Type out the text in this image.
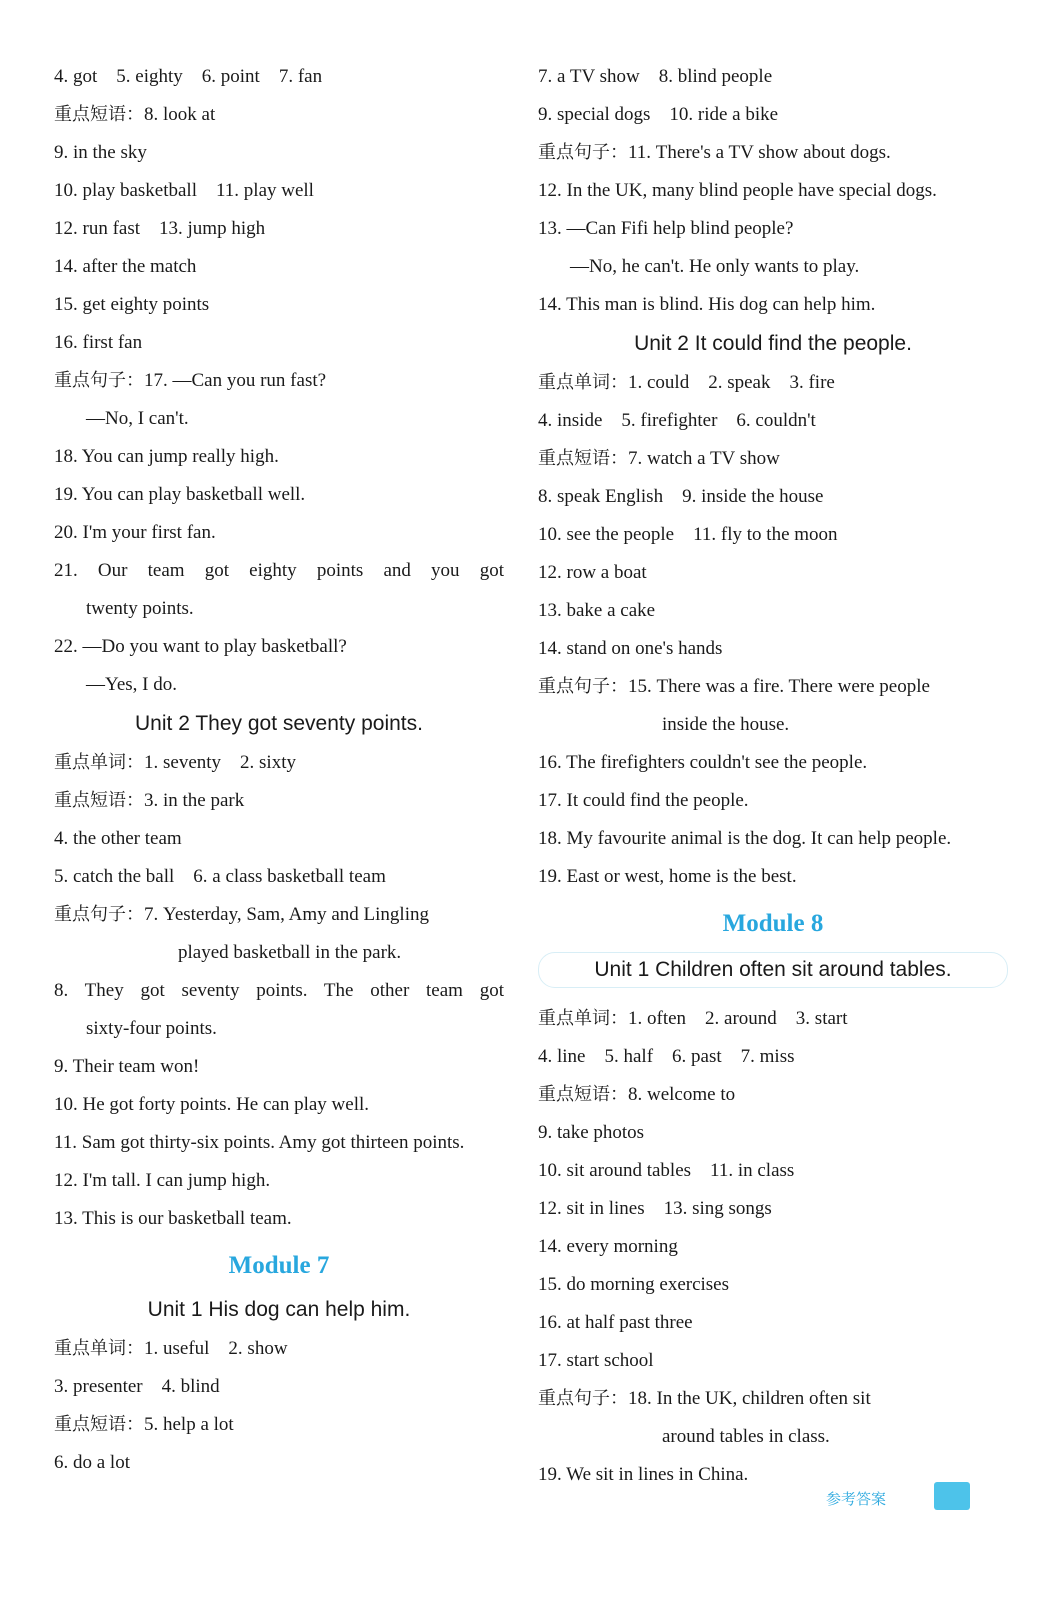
4. got    5. eighty    6. point    7. fan
重点短语：8. look at
9. in the sky
10. play basketball    11. play well
12. run fast    13. jump high
14. after the match
15. get eighty points
16. first fan
重点句子：17. —Can you run fast?
—No, I can't.
18. You can jump really high.
19. You can play basketball well.
20. I'm your first fan.
21. Our team got eighty points and you got
twenty points.
22. —Do you want to play basketball?
—Yes, I do.
Unit 2 They got seventy points.
重点单词：1. seventy    2. sixty
重点短语：3. in the park
4. the other team
5. catch the ball    6. a class basketball team
重点句子：7. Yesterday, Sam, Amy and Lingling
played basketball in the park.
8. They got seventy points. The other team got
sixty-four points.
9. Their team won!
10. He got forty points. He can play well.
11. Sam got thirty-six points. Amy got thirteen points.
12. I'm tall. I can jump high.
13. This is our basketball team.
Module 7
Unit 1 His dog can help him.
重点单词：1. useful    2. show
3. presenter    4. blind
重点短语：5. help a lot
6. do a lot
7. a TV show    8. blind people
9. special dogs    10. ride a bike
重点句子：11. There's a TV show about dogs.
12. In the UK, many blind people have special dogs.
13. —Can Fifi help blind people?
—No, he can't. He only wants to play.
14. This man is blind. His dog can help him.
Unit 2 It could find the people.
重点单词：1. could    2. speak    3. fire
4. inside    5. firefighter    6. couldn't
重点短语：7. watch a TV show
8. speak English    9. inside the house
10. see the people    11. fly to the moon
12. row a boat
13. bake a cake
14. stand on one's hands
重点句子：15. There was a fire. There were people
inside the house.
16. The firefighters couldn't see the people.
17. It could find the people.
18. My favourite animal is the dog. It can help people.
19. East or west, home is the best.
Module 8
Unit 1 Children often sit around tables.
重点单词：1. often    2. around    3. start
4. line    5. half    6. past    7. miss
重点短语：8. welcome to
9. take photos
10. sit around tables    11. in class
12. sit in lines    13. sing songs
14. every morning
15. do morning exercises
16. at half past three
17. start school
重点句子：18. In the UK, children often sit
around tables in class.
19. We sit in lines in China.
参考答案
